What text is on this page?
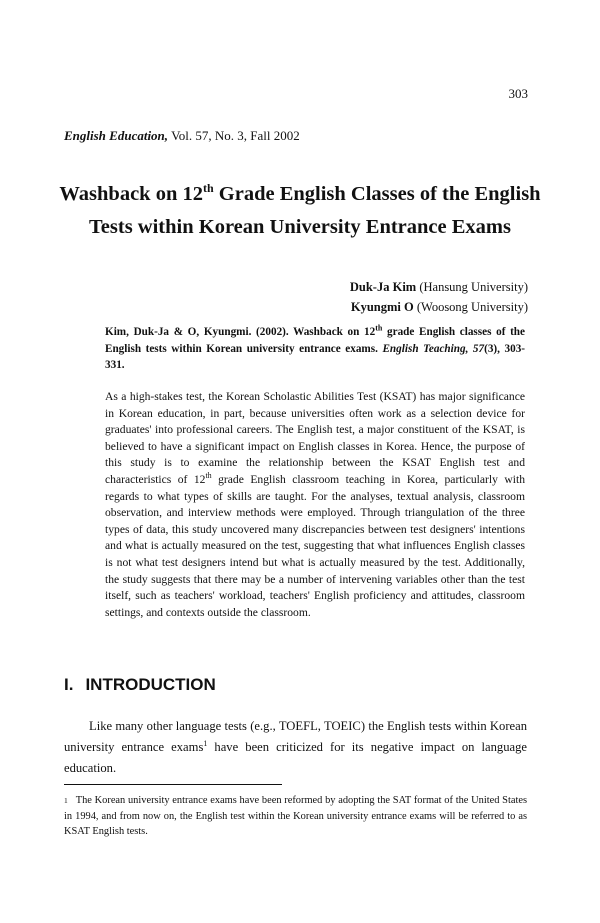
303
English Education, Vol. 57, No. 3, Fall 2002
Washback on 12th Grade English Classes of the English Tests within Korean University Entrance Exams
Duk-Ja Kim (Hansung University)
Kyungmi O (Woosong University)
Kim, Duk-Ja & O, Kyungmi. (2002). Washback on 12th grade English classes of the English tests within Korean university entrance exams. English Teaching, 57(3), 303-331.
As a high-stakes test, the Korean Scholastic Abilities Test (KSAT) has major significance in Korean education, in part, because universities often work as a selection device for graduates' into professional careers. The English test, a major constituent of the KSAT, is believed to have a significant impact on English classes in Korea. Hence, the purpose of this study is to examine the relationship between the KSAT English test and characteristics of 12th grade English classroom teaching in Korea, particularly with regards to what types of skills are taught. For the analyses, textual analysis, classroom observation, and interview methods were employed. Through triangulation of the three types of data, this study uncovered many discrepancies between test designers' intentions and what is actually measured on the test, suggesting that what influences English classes is not what test designers intend but what is actually measured by the test. Additionally, the study suggests that there may be a number of intervening variables other than the test itself, such as teachers' workload, teachers' English proficiency and attitudes, classroom settings, and contexts outside the classroom.
I. INTRODUCTION
Like many other language tests (e.g., TOEFL, TOEIC) the English tests within Korean university entrance exams$^1$ have been criticized for its negative impact on language education.
$^1$ The Korean university entrance exams have been reformed by adopting the SAT format of the United States in 1994, and from now on, the English test within the Korean university entrance exams will be referred to as KSAT English tests.
